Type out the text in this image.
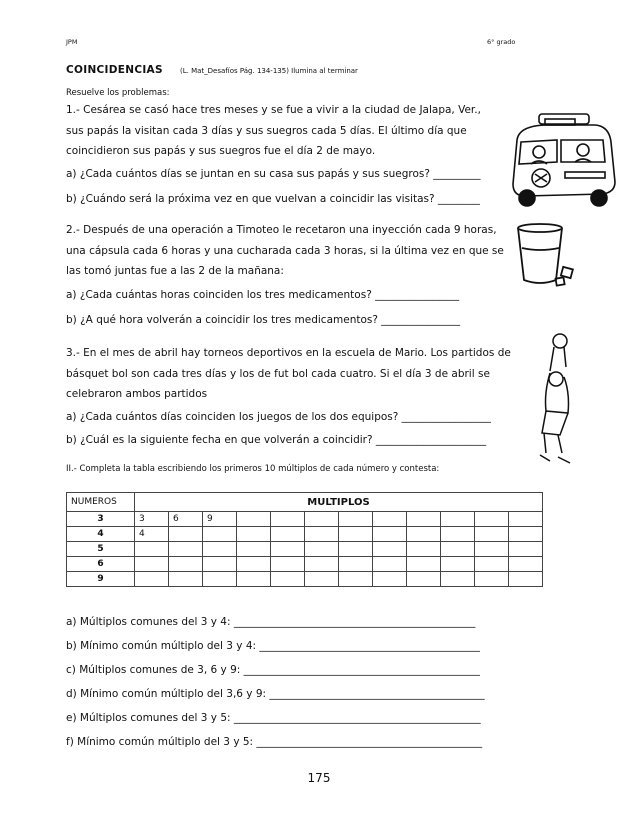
JPM	6° grado
COINCIDENCIAS (L. Mat_Desafíos Pág. 134-135) Ilumina al terminar
Resuelve los problemas:
1.- Cesárea se casó hace tres meses y se fue a vivir a la ciudad de Jalapa, Ver.,
sus papás la visitan cada 3 días y sus suegros cada 5 días. El último día que
coincidieron sus papás y sus suegros fue el día 2 de mayo.
a) ¿Cada cuántos días se juntan en su casa sus papás y sus suegros? _________
b) ¿Cuándo será la próxima vez en que vuelvan a coincidir las visitas? ________
2.- Después de una operación a Timoteo le recetaron una inyección cada 9 horas,
una cápsula cada 6 horas y una cucharada cada 3 horas, si la última vez en que se
las tomó juntas fue a las 2 de la mañana:
a) ¿Cada cuántas horas coinciden los tres medicamentos? ________________
b) ¿A qué hora volverán a coincidir los tres medicamentos? _______________
3.- En el mes de abril hay torneos deportivos en la escuela de Mario. Los partidos de
básquet bol son cada tres días y los de fut bol cada cuatro. Si el día 3 de abril se
celebraron ambos partidos
a) ¿Cada cuántos días coinciden los juegos de los dos equipos? _________________
b) ¿Cuál es la siguiente fecha en que volverán a coincidir? _____________________
II.- Completa la tabla escribiendo los primeros 10 múltiplos de cada número y contesta:
NUMEROS	MULTIPLOS											
3	3	6	9									
4	4											
5												
6												
9												
a) Múltiplos comunes del 3 y 4: ______________________________________________
b) Mínimo común múltiplo del 3 y 4: __________________________________________
c) Múltiplos comunes de 3, 6 y 9: _____________________________________________
d) Mínimo común múltiplo del 3,6 y 9: _________________________________________
e) Múltiplos comunes del 3 y 5: _______________________________________________
f) Mínimo común múltiplo del 3 y 5: ___________________________________________
175
